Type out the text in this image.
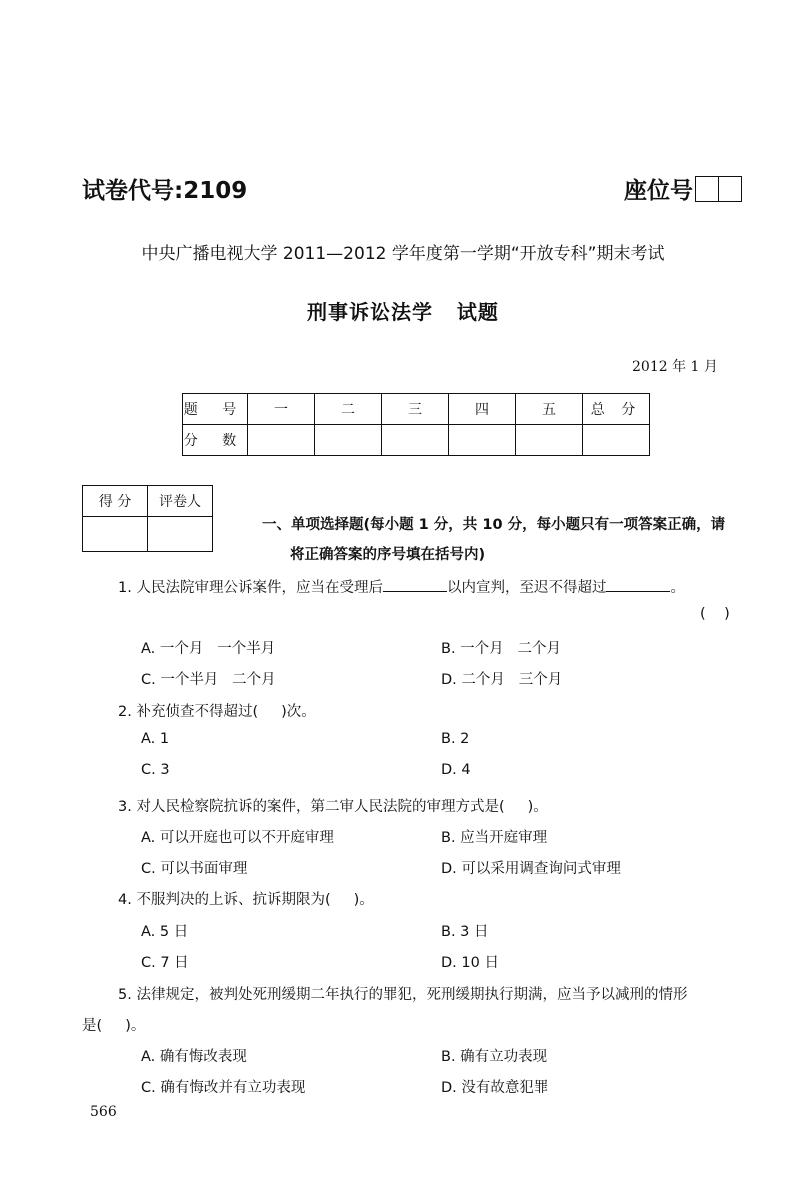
试卷代号:2109	座位号
中央广播电视大学 2011—2012 学年度第一学期“开放专科”期末考试
刑事诉讼法学   试题
2012 年 1 月
题 号	一	二	三	四	五	总 分
分 数						
得 分	评卷人

一、单项选择题(每小题 1 分，共 10 分，每小题只有一项答案正确，请
将正确答案的序号填在括号内)
1. 人民法院审理公诉案件，应当在受理后	以内宣判，至迟不得超过	。
(    )
A. 一个月   一个半月	B. 一个月   二个月
C. 一个半月   二个月	D. 二个月   三个月
2. 补充侦查不得超过(     )次。
A. 1	B. 2
C. 3	D. 4
3. 对人民检察院抗诉的案件，第二审人民法院的审理方式是(     )。
A. 可以开庭也可以不开庭审理	B. 应当开庭审理
C. 可以书面审理	D. 可以采用调查询问式审理
4. 不服判决的上诉、抗诉期限为(     )。
A. 5 日	B. 3 日
C. 7 日	D. 10 日
5. 法律规定，被判处死刑缓期二年执行的罪犯，死刑缓期执行期满，应当予以减刑的情形
是(     )。
A. 确有悔改表现	B. 确有立功表现
C. 确有悔改并有立功表现	D. 没有故意犯罪
566
